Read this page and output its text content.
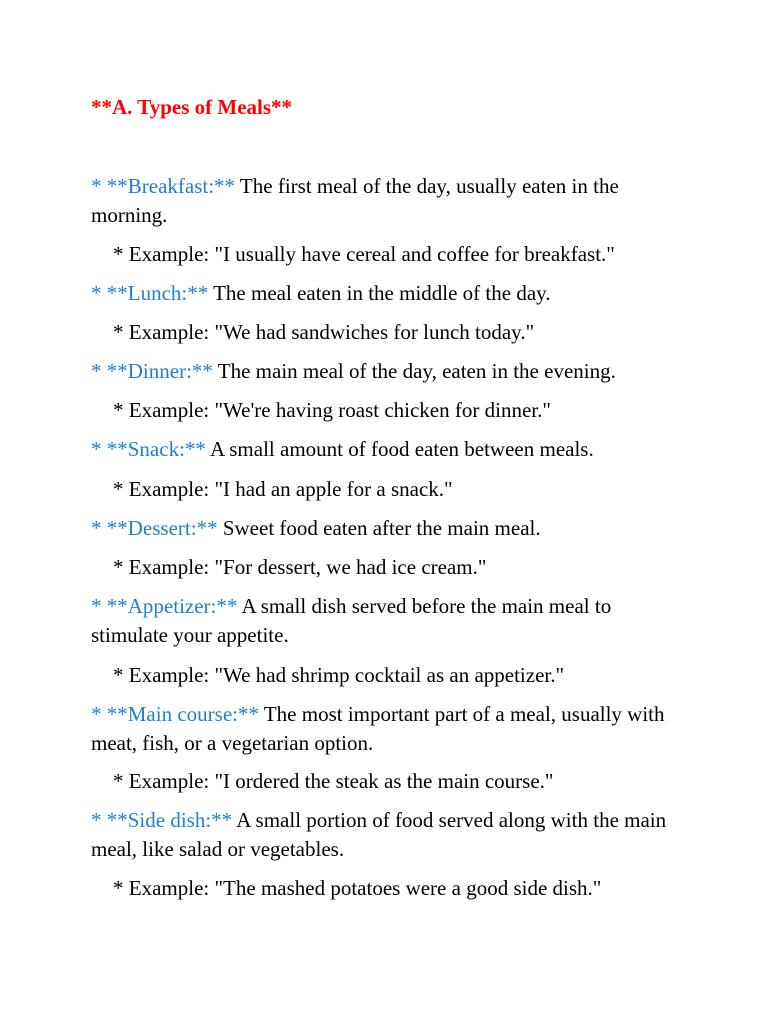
**A. Types of Meals**

* **Breakfast:** The first meal of the day, usually eaten in the morning.

* Example: "I usually have cereal and coffee for breakfast."

* **Lunch:** The meal eaten in the middle of the day.

* Example: "We had sandwiches for lunch today."

* **Dinner:** The main meal of the day, eaten in the evening.

* Example: "We're having roast chicken for dinner."

* **Snack:** A small amount of food eaten between meals.

* Example: "I had an apple for a snack."

* **Dessert:** Sweet food eaten after the main meal.

* Example: "For dessert, we had ice cream."

* **Appetizer:** A small dish served before the main meal to stimulate your appetite.

* Example: "We had shrimp cocktail as an appetizer."

* **Main course:** The most important part of a meal, usually with meat, fish, or a vegetarian option.

* Example: "I ordered the steak as the main course."

* **Side dish:** A small portion of food served along with the main meal, like salad or vegetables.

* Example: "The mashed potatoes were a good side dish."
